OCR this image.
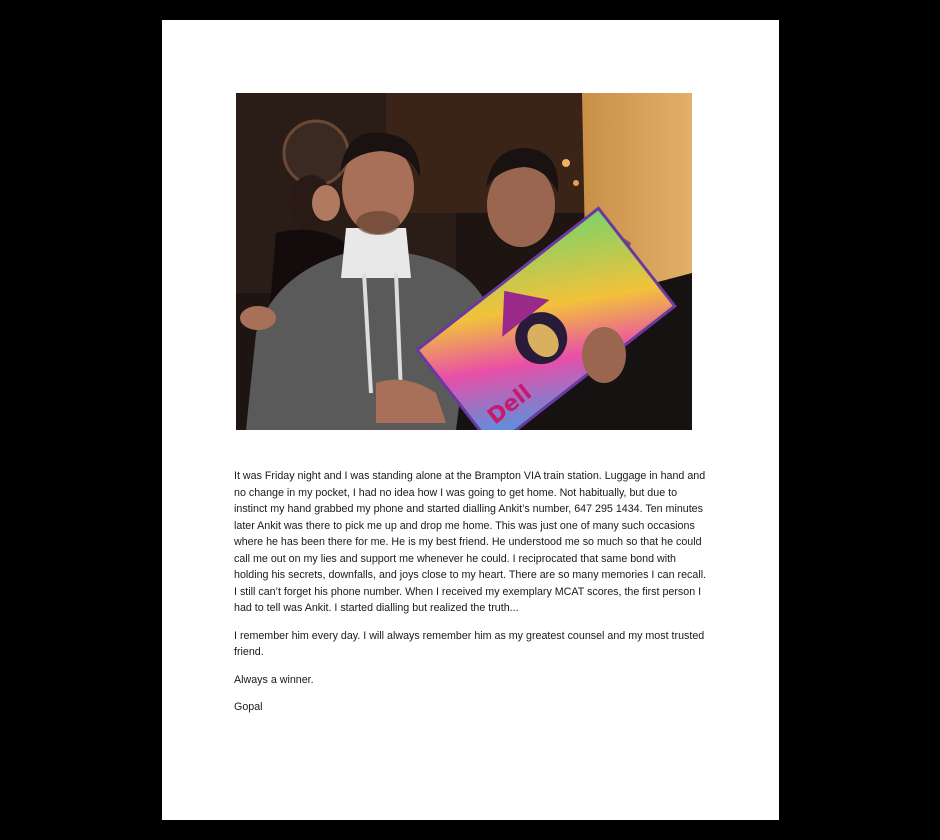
Dell

It was Friday night and I was standing alone at the Brampton VIA train station. Luggage in hand and no change in my pocket, I had no idea how I was going to get home. Not habitually, but due to instinct my hand grabbed my phone and started dialling Ankit’s number, 647 295 1434. Ten minutes later Ankit was there to pick me up and drop me home. This was just one of many such occasions where he has been there for me. He is my best friend. He understood me so much so that he could call me out on my lies and support me whenever he could. I reciprocated that same bond with holding his secrets, downfalls, and joys close to my heart. There are so many memories I can recall. I still can’t forget his phone number. When I received my exemplary MCAT scores, the first person I had to tell was Ankit. I started dialling but realized the truth...

I remember him every day. I will always remember him as my greatest counsel and my most trusted friend.

Always a winner.

Gopal
